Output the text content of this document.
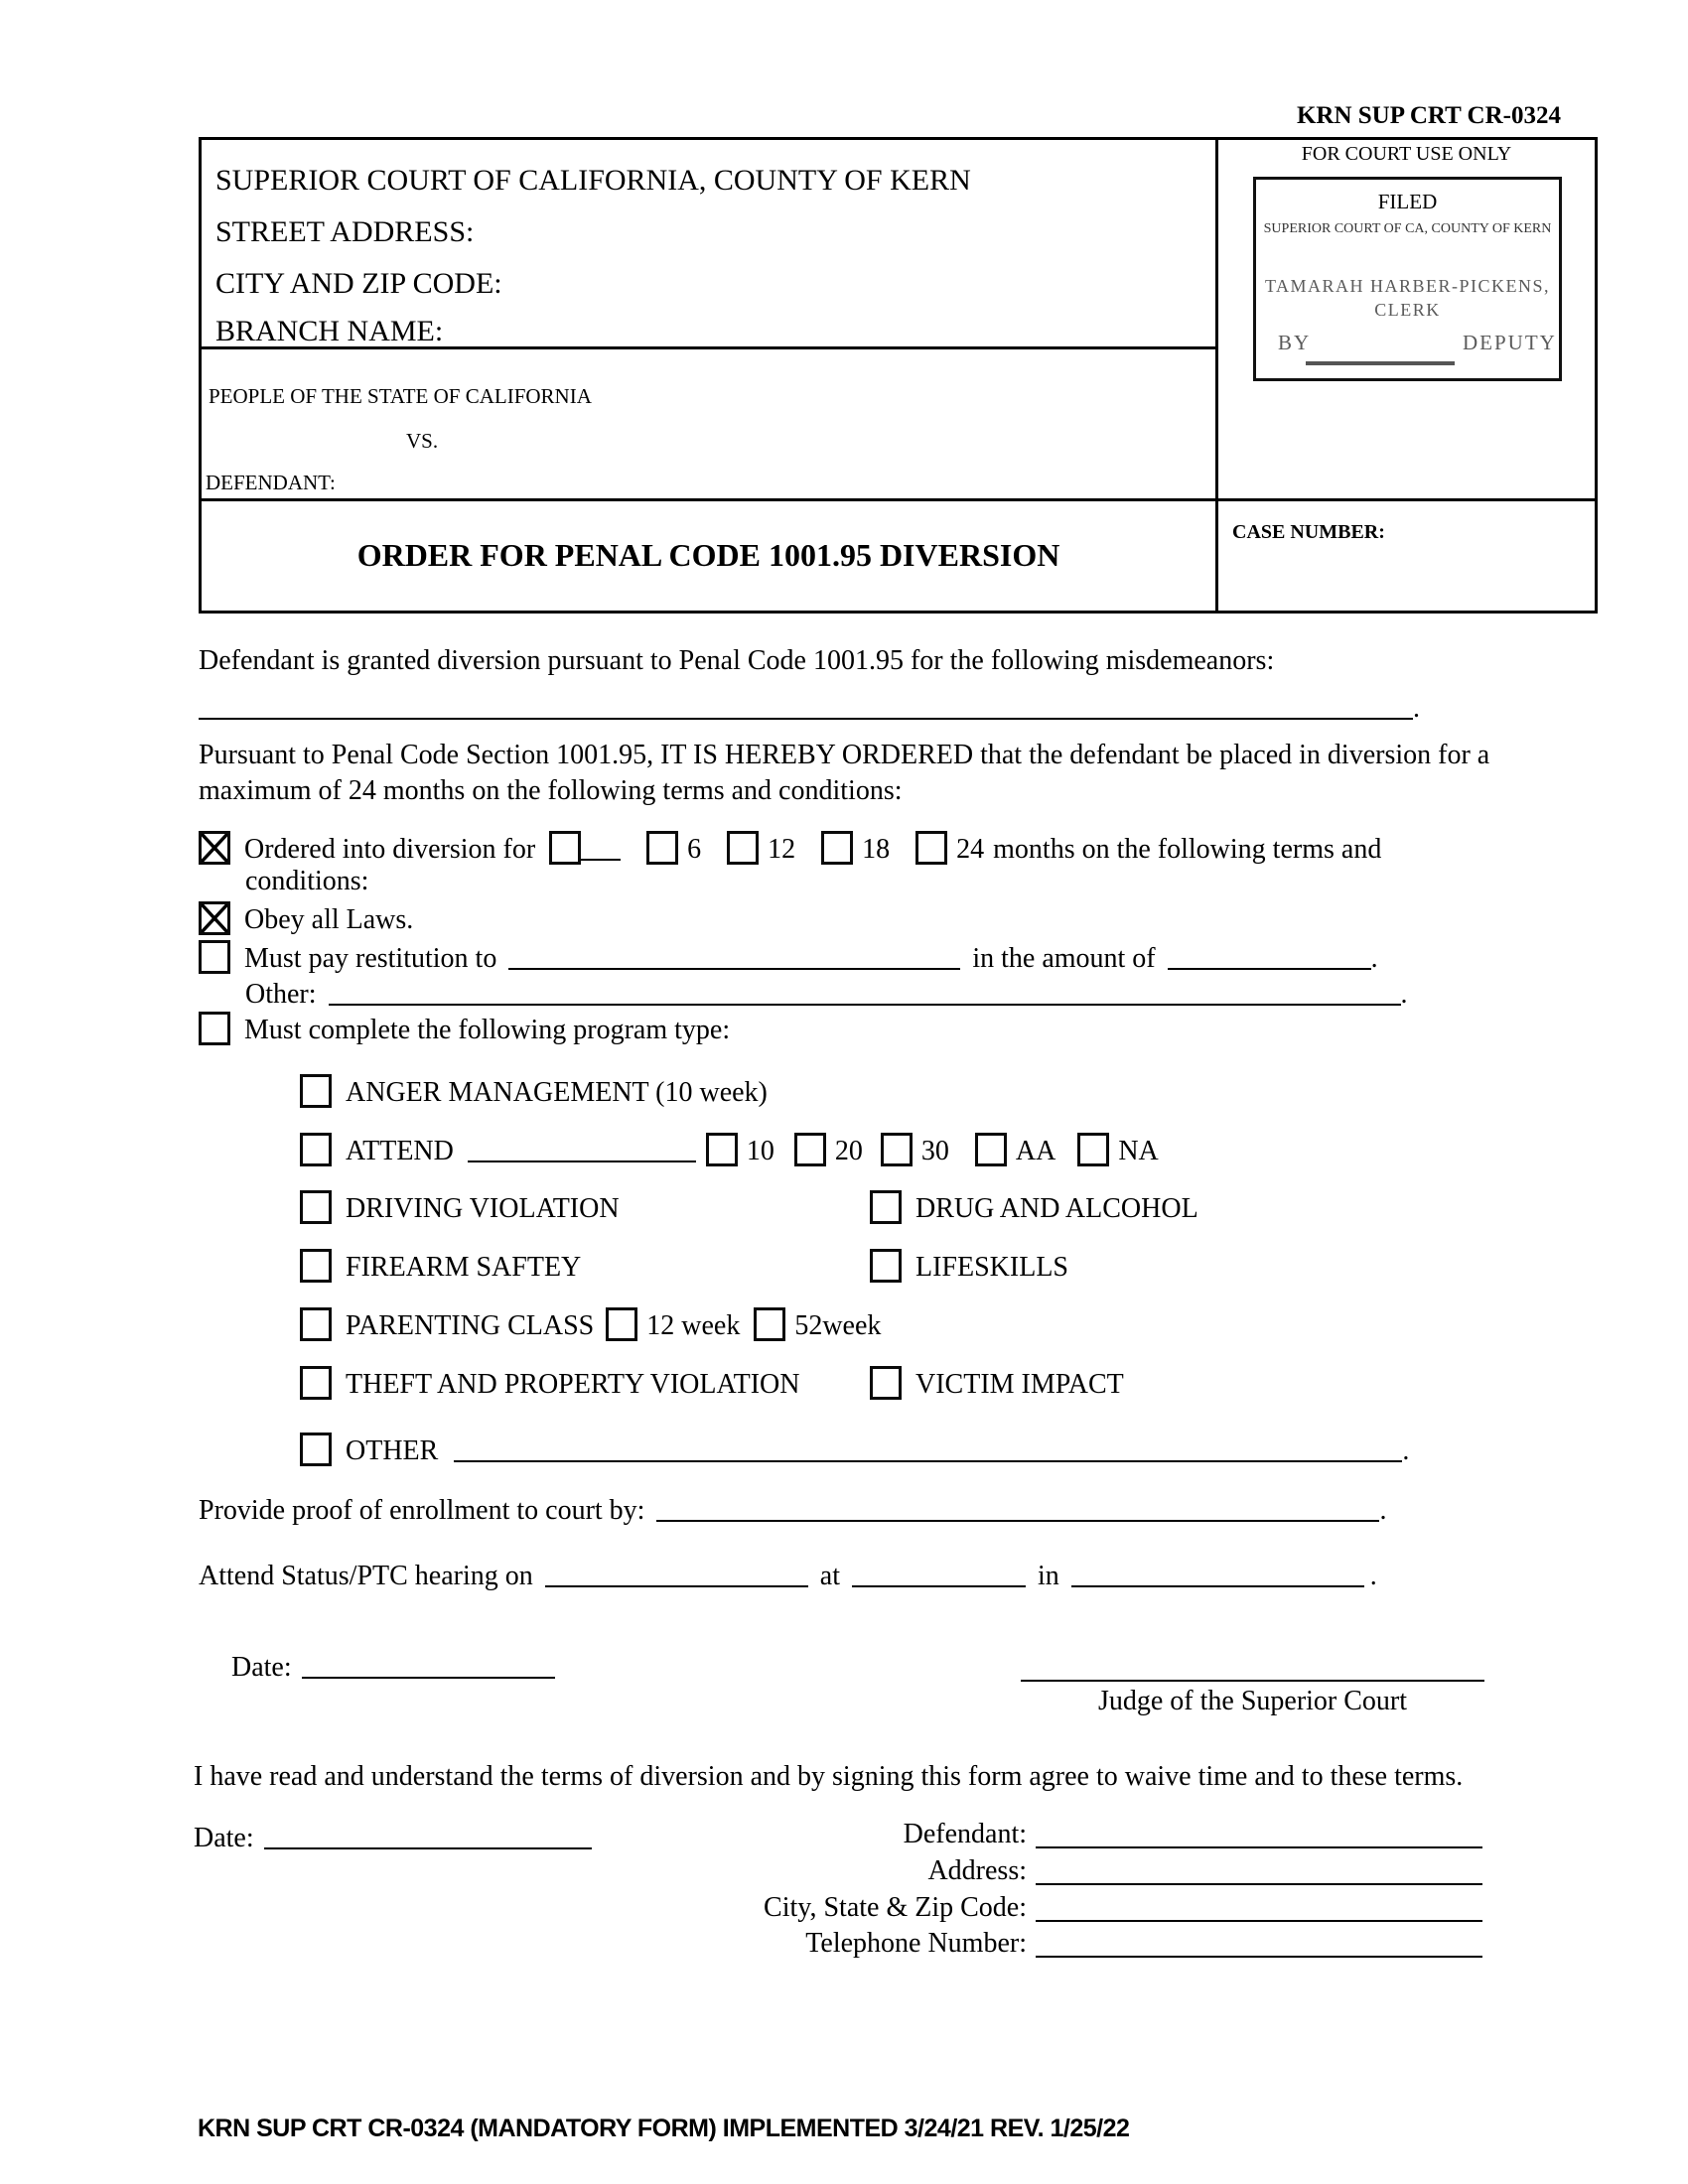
KRN SUP CRT CR-0324
SUPERIOR COURT OF CALIFORNIA, COUNTY OF KERN
STREET ADDRESS:
CITY AND ZIP CODE:
BRANCH NAME:
PEOPLE OF THE STATE OF CALIFORNIA
VS.
DEFENDANT:
ORDER FOR PENAL CODE 1001.95 DIVERSION
FOR COURT USE ONLY
FILED
SUPERIOR COURT OF CA, COUNTY OF KERN
TAMARAH HARBER-PICKENS,
CLERK
BY	DEPUTY
CASE NUMBER:
Defendant is granted diversion pursuant to Penal Code 1001.95 for the following misdemeanors:
.
Pursuant to Penal Code Section 1001.95, IT IS HEREBY ORDERED that the defendant be placed in diversion for a
maximum of 24 months on the following terms and conditions:
Ordered into diversion for	6 12 18 24 months on the following terms and
conditions:
Obey all Laws.
Must pay restitution to	in the amount of	.
Other:	.
Must complete the following program type:
ANGER MANAGEMENT (10 week)
ATTEND	10 20 30 AA NA
DRIVING VIOLATION	DRUG AND ALCOHOL
FIREARM SAFTEY	LIFESKILLS
PARENTING CLASS 12 week 52week
THEFT AND PROPERTY VIOLATION	VICTIM IMPACT
OTHER	.
Provide proof of enrollment to court by:	.
Attend Status/PTC hearing on	at	in	.
Date:
Judge of the Superior Court
I have read and understand the terms of diversion and by signing this form agree to waive time and to these terms.
Date:	Defendant:
Address:
City, State & Zip Code:
Telephone Number:
KRN SUP CRT CR-0324 (MANDATORY FORM) IMPLEMENTED 3/24/21 REV. 1/25/22
